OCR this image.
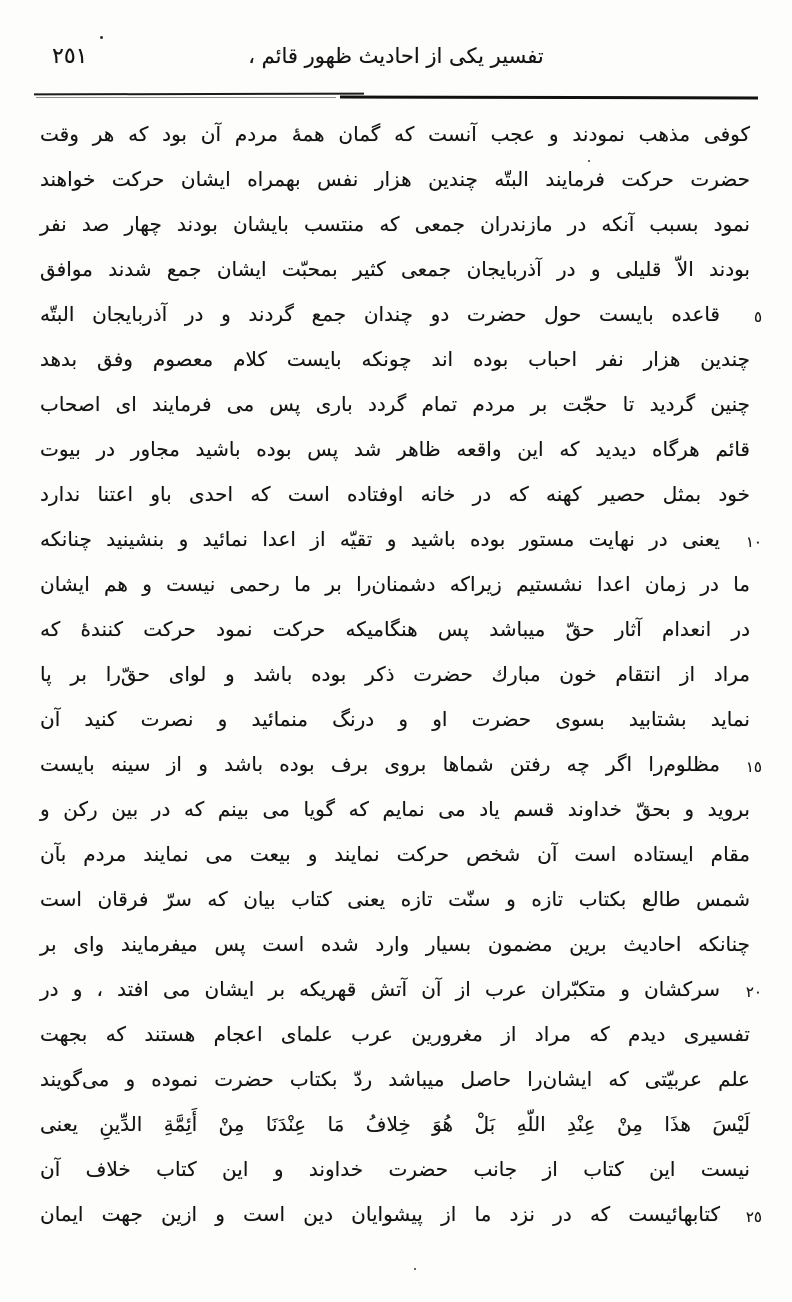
٢٥١	تفسير يكى از احاديث ظهور قائم ،
كوفى مذهب نمودند و عجب آنست كه گمان همهٔ مردم آن بود كه هر وقت
حضرت حركت فرمايند البتّه چندين هزار نفس بهمراه ايشان حركت خواهند
نمود بسبب آنكه در مازندران جمعى كه منتسب بايشان بودند چهار صد نفر
بودند الاّ قليلى و در آذربايجان جمعى كثير بمحبّت ايشان جمع شدند موافق
٥
قاعده بايست حول حضرت دو چندان جمع گردند و در آذربايجان البتّه
چندين هزار نفر احباب بوده اند چونكه بايست كلام معصوم وفق بدهد
چنين گرديد تا حجّت بر مردم تمام گردد بارى پس مى فرمايند اى اصحاب
قائم هرگاه ديديد كه اين واقعه ظاهر شد پس بوده باشيد مجاور در بيوت
خود بمثل حصير كهنه كه در خانه اوفتاده است كه احدى باو اعتنا ندارد
١٠
يعنى در نهايت مستور بوده باشيد و تقيّه از اعدا نمائيد و بنشينيد چنانكه
ما در زمان اعدا نشستيم زيراكه دشمنان‌را بر ما رحمى نيست و هم ايشان
در انعدام آثار حقّ ميباشد پس هنگاميكه حركت نمود حركت كنندۀ كه
مراد از انتقام خون مبارك حضرت ذكر بوده باشد و لواى حقّ‌را بر پا
نمايد بشتابيد بسوى حضرت او و درنگ منمائيد و نصرت كنيد آن
١٥
مظلوم‌را اگر چه رفتن شماها بروى برف بوده باشد و از سينه بايست
برويد و بحقّ خداوند قسم ياد مى نمايم كه گويا مى بينم كه در بين ركن و
مقام ايستاده است آن شخص حركت نمايند و بيعت مى نمايند مردم بآن
شمس طالع بكتاب تازه و سنّت تازه يعنى كتاب بيان كه سرّ فرقان است
چنانكه احاديث برين مضمون بسيار وارد شده است پس ميفرمايند واى بر
٢٠
سركشان و متكبّران عرب از آن آتش قهريكه بر ايشان مى افتد ، و در
تفسيرى ديدم كه مراد از مغرورين عرب علماى اعجام هستند كه بجهت
علم عربيّتى كه ايشان‌را حاصل ميباشد ردّ بكتاب حضرت نموده و مى‌گويند
لَيْسَ هذَا مِنْ عِنْدِ اللّهِ بَلْ هُوَ خِلافُ مَا عِنْدَنَا مِنْ أَئِمَّةِ الدِّينِ يعنى
نيست اين كتاب از جانب حضرت خداوند و اين كتاب خلاف آن
٢٥
كتابهائيست كه در نزد ما از پيشوايان دين است و ازين جهت ايمان
